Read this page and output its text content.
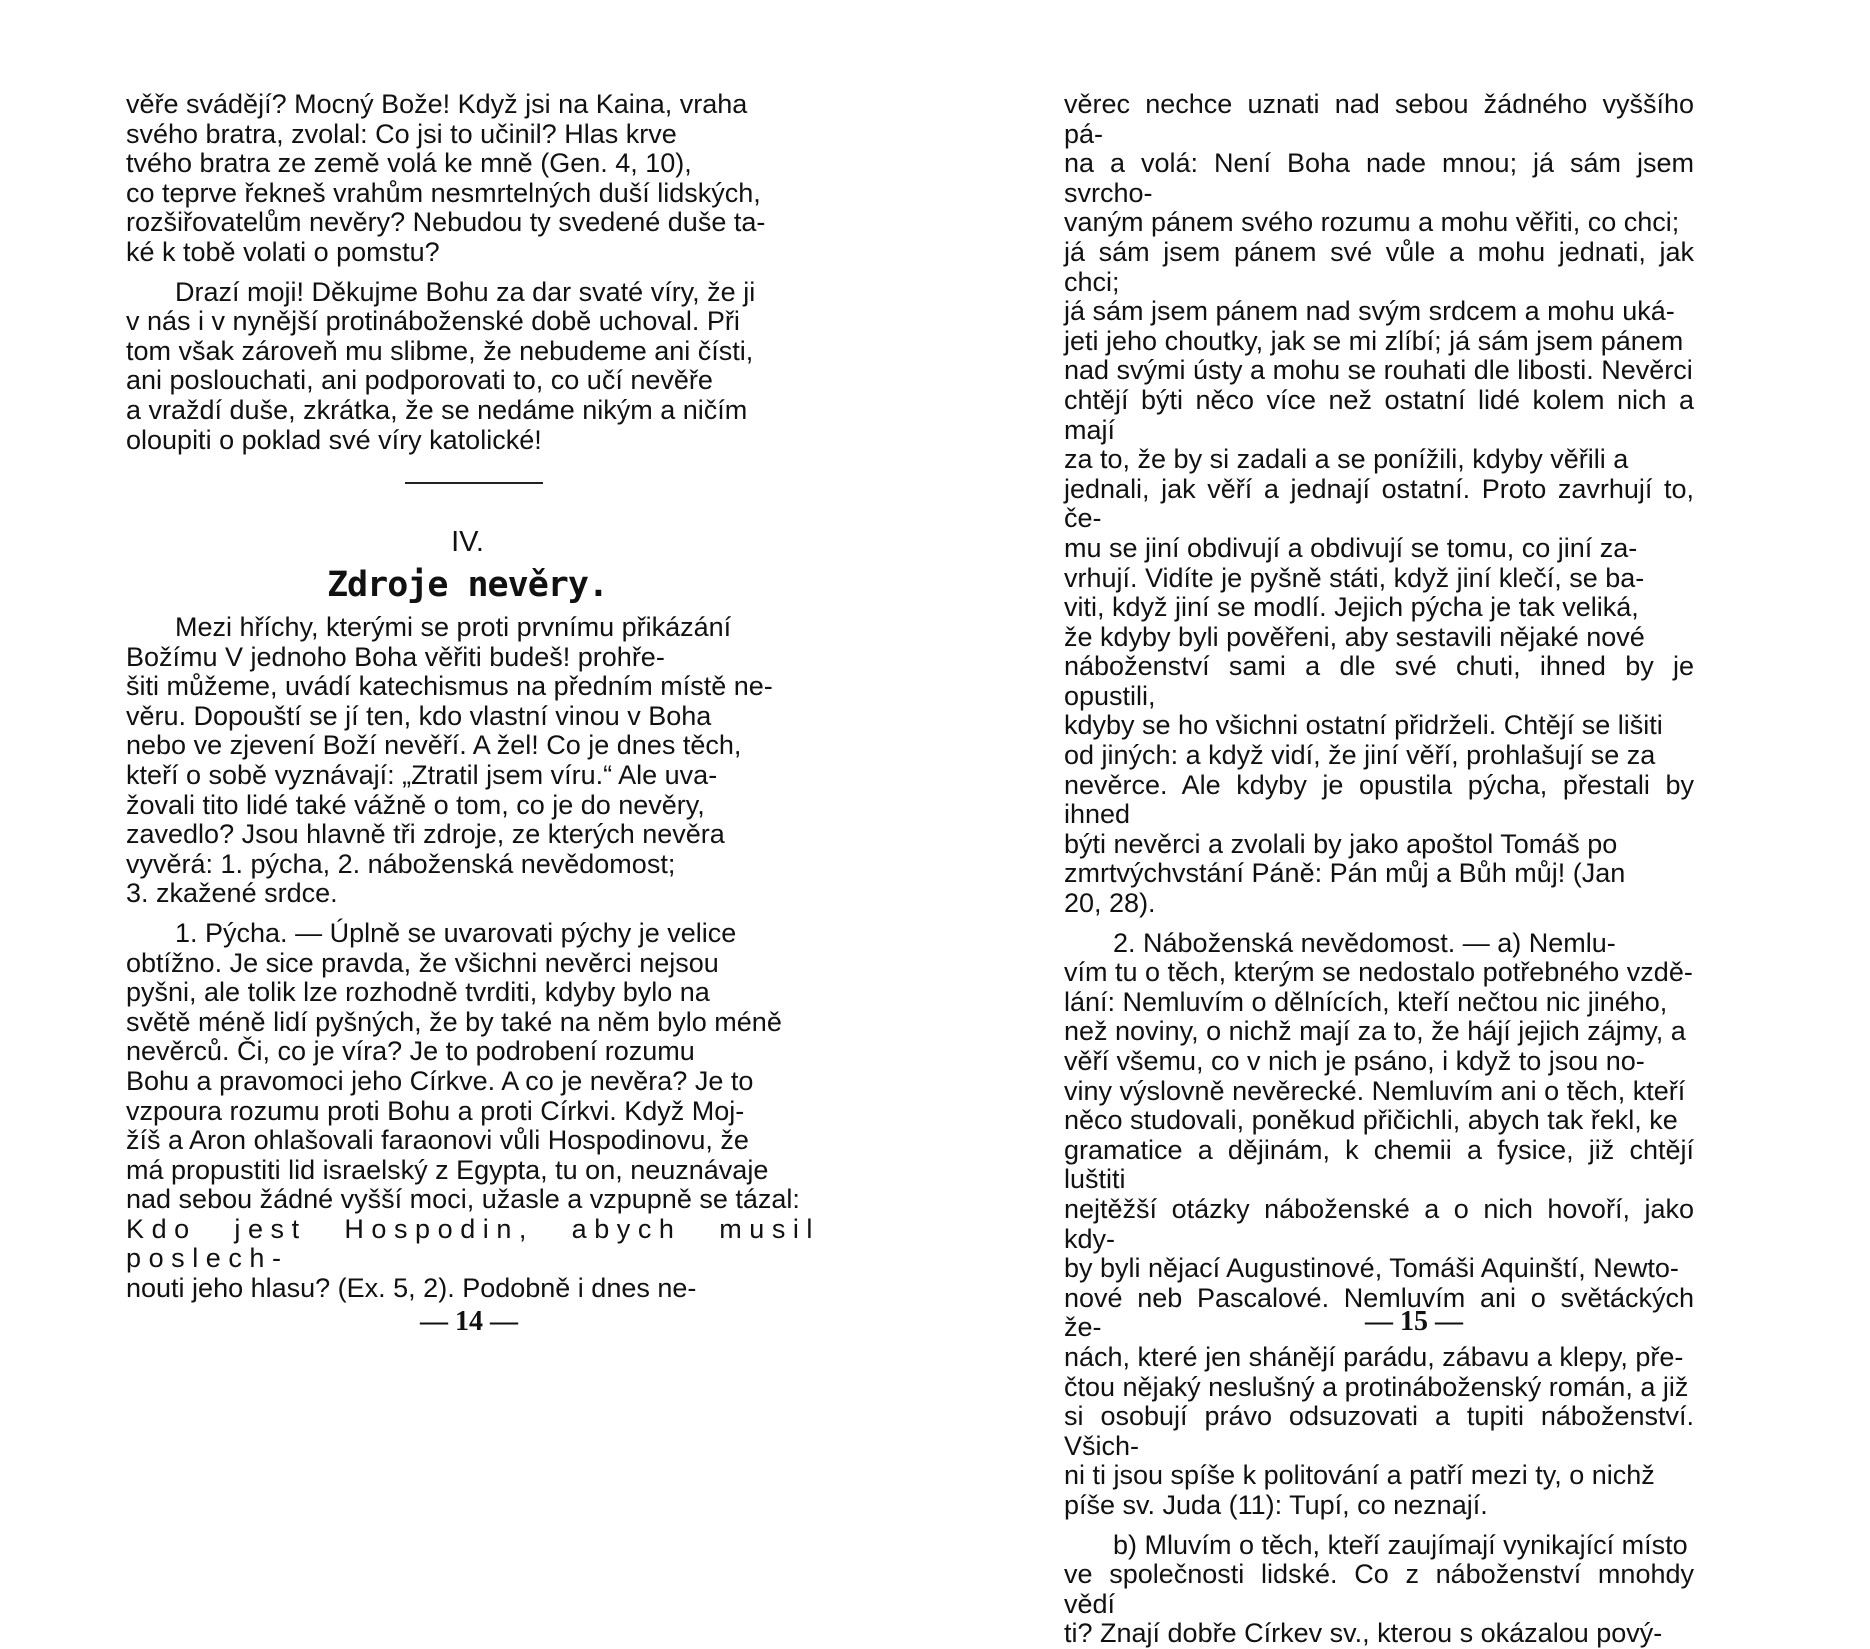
věře svádějí? Mocný Bože! Když jsi na Kaina, vraha
svého bratra, zvolal: Co jsi to učinil? Hlas krve
tvého bratra ze země volá ke mně (Gen. 4, 10),
co teprve řekneš vrahům nesmrtelných duší lidských,
rozšiřovatelům nevěry? Nebudou ty svedené duše ta-
ké k tobě volati o pomstu?

Drazí moji! Děkujme Bohu za dar svaté víry, že ji
v nás i v nynější protináboženské době uchoval. Při
tom však zároveň mu slibme, že nebudeme ani čísti,
ani poslouchati, ani podporovati to, co učí nevěře
a vraždí duše, zkrátka, že se nedáme nikým a ničím
oloupiti o poklad své víry katolické!

IV.
Zdroje nevěry.

Mezi hříchy, kterými se proti prvnímu přikázání
Božímu V jednoho Boha věřiti budeš! prohře-
šiti můžeme, uvádí katechismus na předním místě ne-
věru. Dopouští se jí ten, kdo vlastní vinou v Boha
nebo ve zjevení Boží nevěří. A žel! Co je dnes těch,
kteří o sobě vyznávají: „Ztratil jsem víru.“ Ale uva-
žovali tito lidé také vážně o tom, co je do nevěry,
zavedlo? Jsou hlavně tři zdroje, ze kterých nevěra
vyvěrá: 1. pýcha, 2. náboženská nevědomost;
3. zkažené srdce.

1. Pýcha. — Úplně se uvarovati pýchy je velice
obtížno. Je sice pravda, že všichni nevěrci nejsou
pyšni, ale tolik lze rozhodně tvrditi, kdyby bylo na
světě méně lidí pyšných, že by také na něm bylo méně
nevěrců. Či, co je víra? Je to podrobení rozumu
Bohu a pravomoci jeho Církve. A co je nevěra? Je to
vzpoura rozumu proti Bohu a proti Církvi. Když Moj-
žíš a Aron ohlašovali faraonovi vůli Hospodinovu, že
má propustiti lid israelský z Egypta, tu on, neuznávaje
nad sebou žádné vyšší moci, užasle a vzpupně se tázal:
Kdo jest Hospodin, abych musil poslech-
nouti jeho hlasu? (Ex. 5, 2). Podobně i dnes ne-

— 14 —

věrec nechce uznati nad sebou žádného vyššího pá-
na a volá: Není Boha nade mnou; já sám jsem svrcho-
vaným pánem svého rozumu a mohu věřiti, co chci;
já sám jsem pánem své vůle a mohu jednati, jak chci;
já sám jsem pánem nad svým srdcem a mohu uká-
jeti jeho choutky, jak se mi zlíbí; já sám jsem pánem
nad svými ústy a mohu se rouhati dle libosti. Nevěrci
chtějí býti něco více než ostatní lidé kolem nich a mají
za to, že by si zadali a se ponížili, kdyby věřili a
jednali, jak věří a jednají ostatní. Proto zavrhují to, če-
mu se jiní obdivují a obdivují se tomu, co jiní za-
vrhují. Vidíte je pyšně státi, když jiní klečí, se ba-
viti, když jiní se modlí. Jejich pýcha je tak veliká,
že kdyby byli pověřeni, aby sestavili nějaké nové
náboženství sami a dle své chuti, ihned by je opustili,
kdyby se ho všichni ostatní přidrželi. Chtějí se lišiti
od jiných: a když vidí, že jiní věří, prohlašují se za
nevěrce. Ale kdyby je opustila pýcha, přestali by ihned
býti nevěrci a zvolali by jako apoštol Tomáš po
zmrtvýchvstání Páně: Pán můj a Bůh můj! (Jan
20, 28).

2. Náboženská nevědomost. — a) Nemlu-
vím tu o těch, kterým se nedostalo potřebného vzdě-
lání: Nemluvím o dělnících, kteří nečtou nic jiného,
než noviny, o nichž mají za to, že hájí jejich zájmy, a
věří všemu, co v nich je psáno, i když to jsou no-
viny výslovně nevěrecké. Nemluvím ani o těch, kteří
něco studovali, poněkud přičichli, abych tak řekl, ke
gramatice a dějinám, k chemii a fysice, již chtějí luštiti
nejtěžší otázky náboženské a o nich hovoří, jako kdy-
by byli nějací Augustinové, Tomáši Aquinští, Newto-
nové neb Pascalové. Nemluvím ani o světáckých že-
nách, které jen shánějí parádu, zábavu a klepy, pře-
čtou nějaký neslušný a protináboženský román, a již
si osobují právo odsuzovati a tupiti náboženství. Všich-
ni ti jsou spíše k politování a patří mezi ty, o nichž
píše sv. Juda (11): Tupí, co neznají.

b) Mluvím o těch, kteří zaujímají vynikající místo
ve společnosti lidské. Co z náboženství mnohdy vědí
ti? Znají dobře Církev sv., kterou s okázalou pový-

— 15 —
